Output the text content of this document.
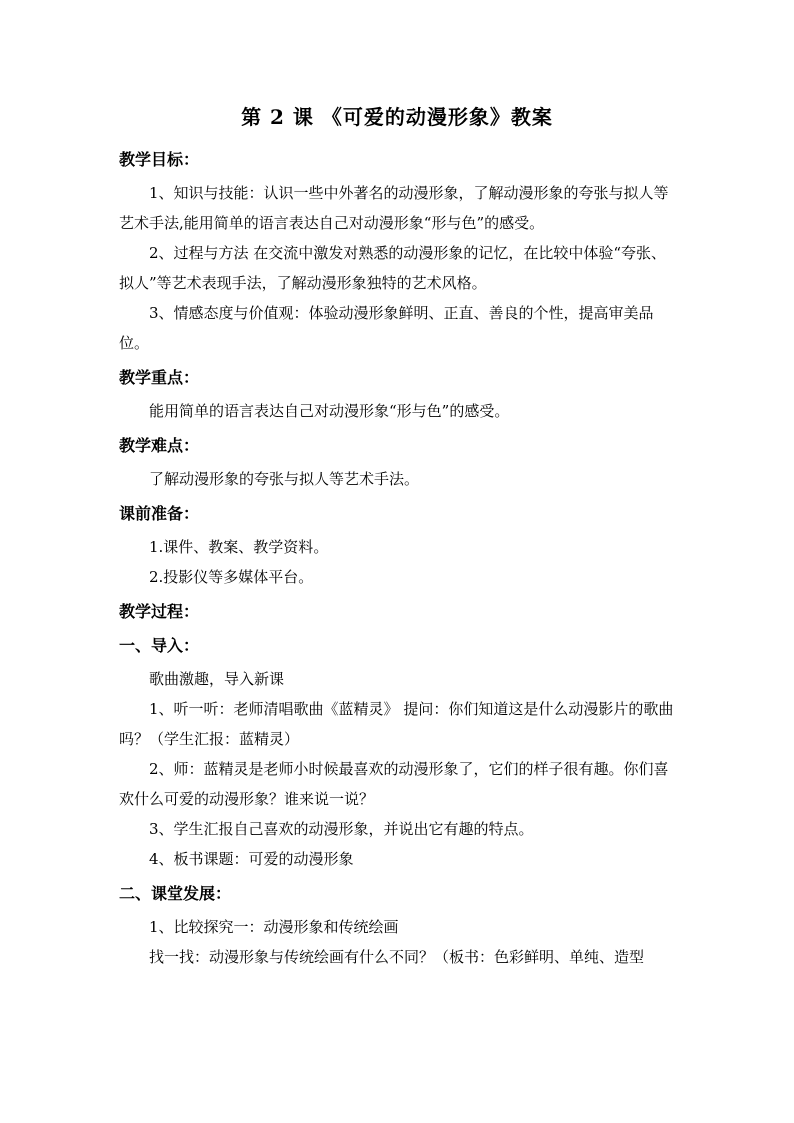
第 2 课 《可爱的动漫形象》教案
教学目标：

1、知识与技能：认识一些中外著名的动漫形象，了解动漫形象的夸张与拟人等艺术手法,能用简单的语言表达自己对动漫形象“形与色”的感受。

2、过程与方法 在交流中激发对熟悉的动漫形象的记忆，在比较中体验“夸张、拟人”等艺术表现手法，了解动漫形象独特的艺术风格。

3、情感态度与价值观：体验动漫形象鲜明、正直、善良的个性，提高审美品位。

教学重点：

能用简单的语言表达自己对动漫形象“形与色”的感受。

教学难点：

了解动漫形象的夸张与拟人等艺术手法。

课前准备：

1.课件、教案、教学资料。

2.投影仪等多媒体平台。

教学过程：
一、导入：

歌曲激趣，导入新课

1、听一听：老师清唱歌曲《蓝精灵》 提问：你们知道这是什么动漫影片的歌曲吗？（学生汇报：蓝精灵）

2、师：蓝精灵是老师小时候最喜欢的动漫形象了，它们的样子很有趣。你们喜欢什么可爱的动漫形象？谁来说一说？

3、学生汇报自己喜欢的动漫形象，并说出它有趣的特点。

4、板书课题：可爱的动漫形象

二、课堂发展：

1、比较探究一：动漫形象和传统绘画

找一找：动漫形象与传统绘画有什么不同？（板书：色彩鲜明、单纯、造型
